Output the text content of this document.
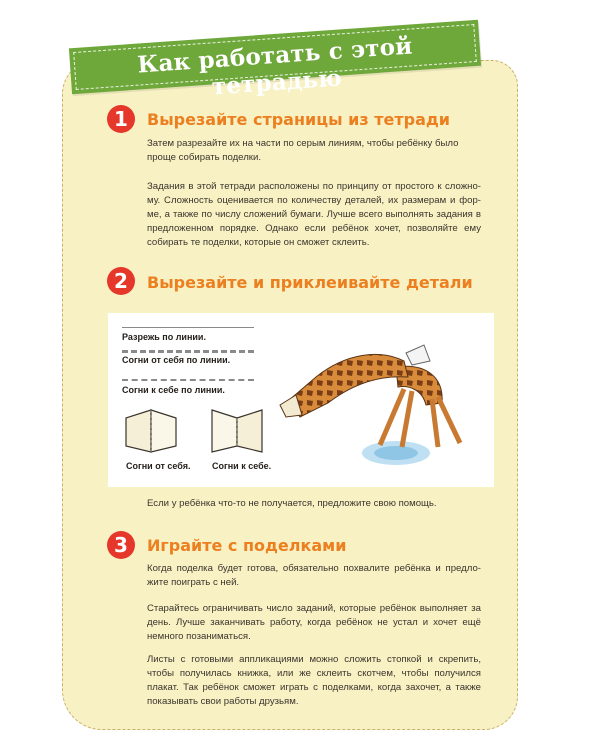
Как работать с этой тетрадью
1	Вырезайте страницы из тетради

Затем разрезайте их на части по серым линиям, чтобы ребёнку было проще собирать поделки.

Задания в этой тетради расположены по принципу от простого к сложно-му. Сложность оценивается по количеству деталей, их размерам и фор-ме, а также по числу сложений бумаги. Лучше всего выполнять задания в предложенном порядке. Однако если ребёнок хочет, позволяйте ему собирать те поделки, которые он сможет склеить.

2	Вырезайте и приклеивайте детали
Разрежь по линии.
Согни от себя по линии.
Согни к себе по линии.
Согни от себя. Согни к себе.

Если у ребёнка что-то не получается, предложите свою помощь.

3	Играйте с поделками

Когда поделка будет готова, обязательно похвалите ребёнка и предло-жите поиграть с ней.

Старайтесь ограничивать число заданий, которые ребёнок выполняет за день. Лучше заканчивать работу, когда ребёнок не устал и хочет ещё немного позаниматься.

Листы с готовыми аппликациями можно сложить стопкой и скрепить, чтобы получилась книжка, или же склеить скотчем, чтобы получился плакат. Так ребёнок сможет играть с поделками, когда захочет, а также показывать свои работы друзьям.
